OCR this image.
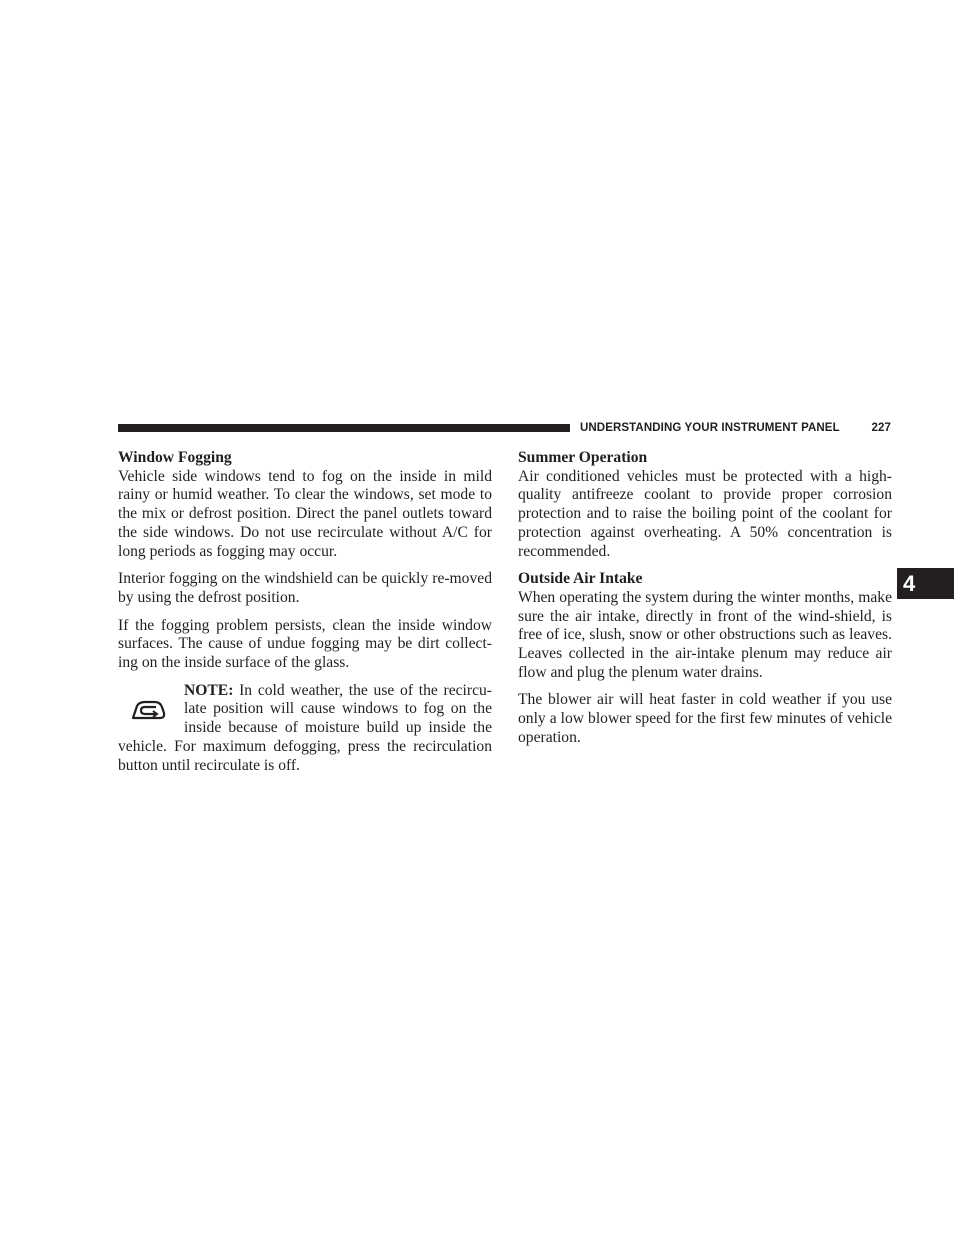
UNDERSTANDING YOUR INSTRUMENT PANEL	227
4

Window Fogging

Vehicle side windows tend to fog on the inside in mild rainy or humid weather. To clear the windows, set mode to the mix or defrost position. Direct the panel outlets toward the side windows. Do not use recirculate without A/C for long periods as fogging may occur.

Interior fogging on the windshield can be quickly re-moved by using the defrost position.

If the fogging problem persists, clean the inside window surfaces. The cause of undue fogging may be dirt collect-ing on the inside surface of the glass.

NOTE: In cold weather, the use of the recircu-late position will cause windows to fog on the inside because of moisture build up inside the vehicle. For maximum defogging, press the recirculation button until recirculate is off.

Summer Operation

Air conditioned vehicles must be protected with a high-quality antifreeze coolant to provide proper corrosion protection and to raise the boiling point of the coolant for protection against overheating. A 50% concentration is recommended.

Outside Air Intake

When operating the system during the winter months, make sure the air intake, directly in front of the wind-shield, is free of ice, slush, snow or other obstructions such as leaves. Leaves collected in the air-intake plenum may reduce air flow and plug the plenum water drains.

The blower air will heat faster in cold weather if you use only a low blower speed for the first few minutes of vehicle operation.
